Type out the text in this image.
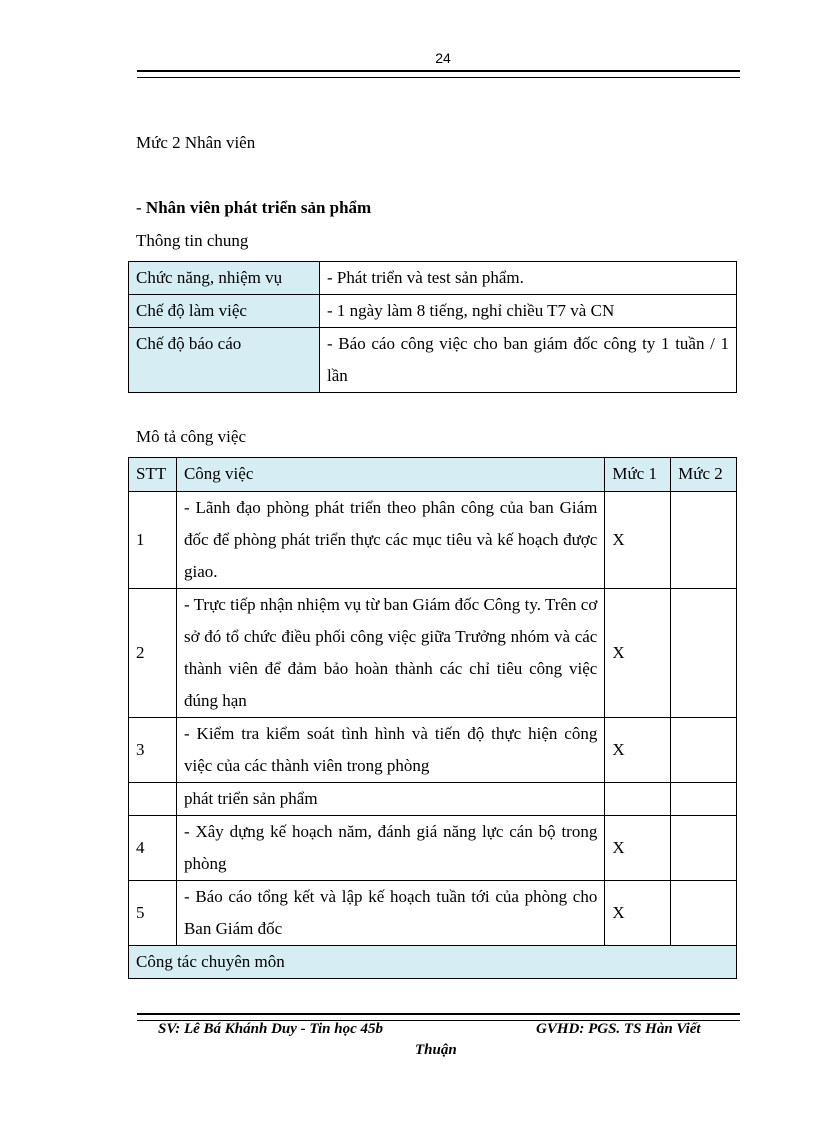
24
Mức 2 Nhân viên
- Nhân viên phát triển sản phẩm
Thông tin chung
Chức năng, nhiệm vụ	- Phát triển và test sản phẩm.
Chế độ làm việc	- 1 ngày làm 8 tiếng, nghỉ chiều T7 và CN
Chế độ báo cáo	- Báo cáo công việc cho ban giám đốc công ty 1 tuần / 1 lần
Mô tả công việc
STT	Công việc	Mức 1	Mức 2
1	- Lãnh đạo phòng phát triển theo phân công của ban Giám đốc để phòng phát triển thực các mục tiêu và kế hoạch được giao.	X	
2	- Trực tiếp nhận nhiệm vụ từ ban Giám đốc Công ty. Trên cơ sở đó tổ chức điều phối công việc giữa Trưởng nhóm và các thành viên để đảm bảo hoàn thành các chỉ tiêu công việc đúng hạn	X	
3	- Kiểm tra kiểm soát tình hình và tiến độ thực hiện công việc của các thành viên trong phòng	X	
	phát triển sản phẩm		
4	- Xây dựng kế hoạch năm, đánh giá năng lực cán bộ trong phòng	X	
5	- Báo cáo tổng kết và lập kế hoạch tuần tới của phòng cho Ban Giám đốc	X	
Công tác chuyên môn			
SV: Lê Bá Khánh Duy - Tin học 45b	GVHD: PGS. TS Hàn Viết
Thuận
